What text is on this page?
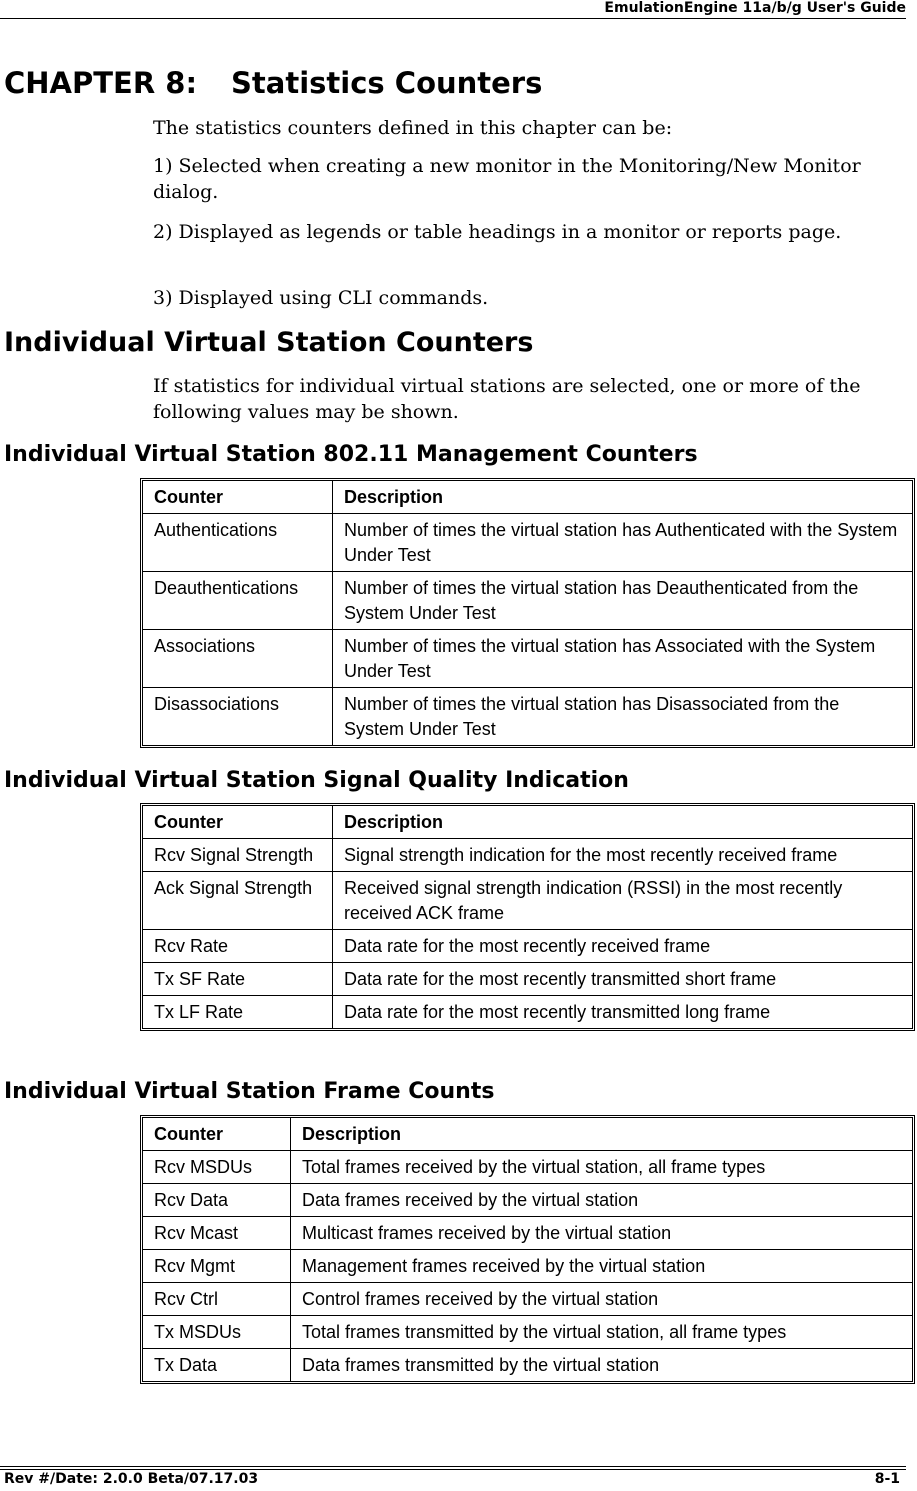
EmulationEngine 11a/b/g User's Guide
CHAPTER 8: Statistics Counters
The statistics counters defined in this chapter can be:
1) Selected when creating a new monitor in the Monitoring/New Monitor dialog.
2) Displayed as legends or table headings in a monitor or reports page.
3) Displayed using CLI commands.
Individual Virtual Station Counters
If statistics for individual virtual stations are selected, one or more of the following values may be shown.
Individual Virtual Station 802.11 Management Counters
Counter	Description
Authentications	Number of times the virtual station has Authenticated with the System Under Test
Deauthentications	Number of times the virtual station has Deauthenticated from the System Under Test
Associations	Number of times the virtual station has Associated with the System Under Test
Disassociations	Number of times the virtual station has Disassociated from the System Under Test
Individual Virtual Station Signal Quality Indication
Counter	Description
Rcv Signal Strength	Signal strength indication for the most recently received frame
Ack Signal Strength	Received signal strength indication (RSSI) in the most recently received ACK frame
Rcv Rate	Data rate for the most recently received frame
Tx SF Rate	Data rate for the most recently transmitted short frame
Tx LF Rate	Data rate for the most recently transmitted long frame
Individual Virtual Station Frame Counts
Counter	Description
Rcv MSDUs	Total frames received by the virtual station, all frame types
Rcv Data	Data frames received by the virtual station
Rcv Mcast	Multicast frames received by the virtual station
Rcv Mgmt	Management frames received by the virtual station
Rcv Ctrl	Control frames received by the virtual station
Tx MSDUs	Total frames transmitted by the virtual station, all frame types
Tx Data	Data frames transmitted by the virtual station
Rev #/Date: 2.0.0 Beta/07.17.03	8-1
